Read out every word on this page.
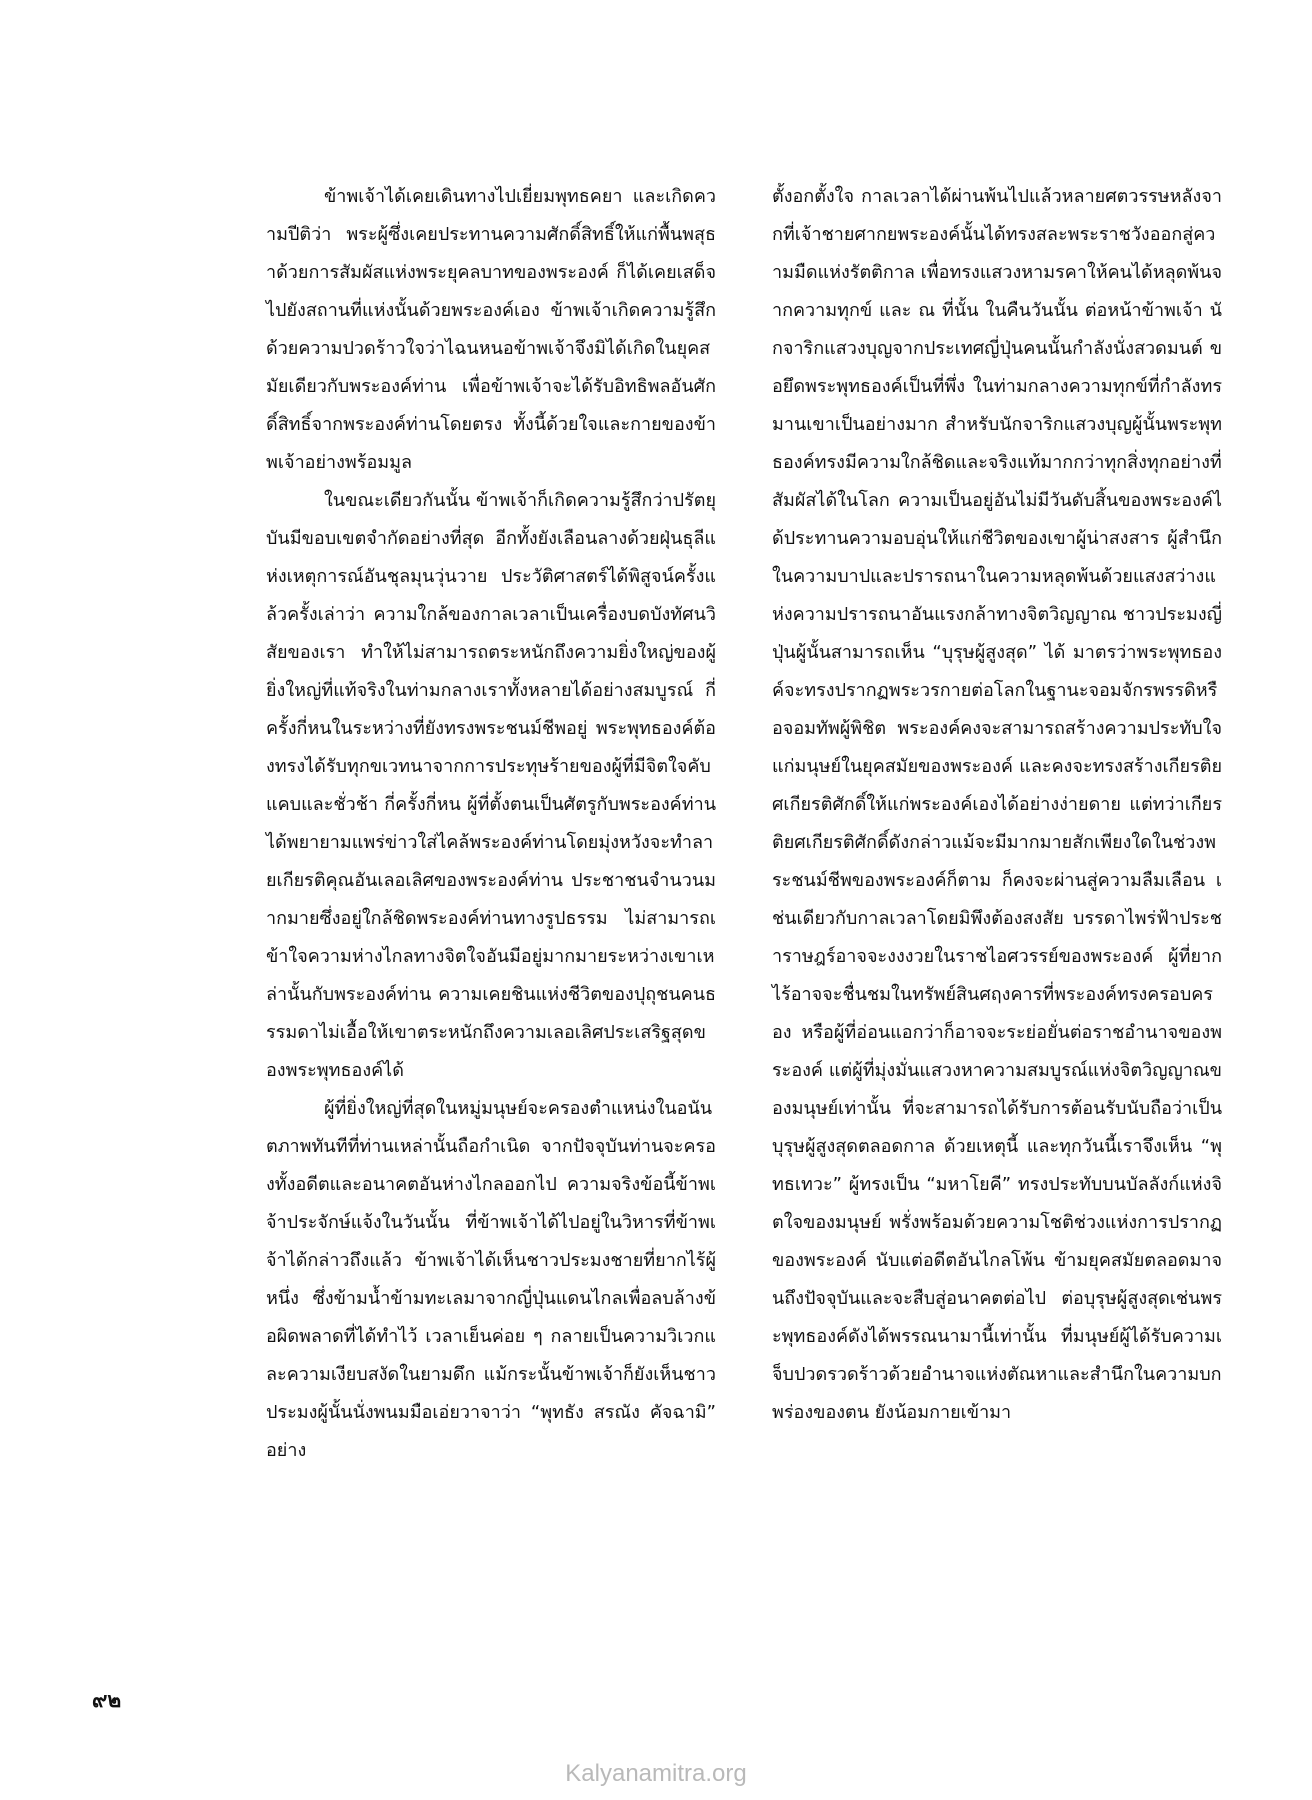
ข้าพเจ้าได้เคยเดินทางไปเยี่ยมพุทธคยา และเกิดความปีติว่า พระผู้ซึ่งเคยประทานความศักดิ์สิทธิ์ให้แก่พื้นพสุธาด้วยการสัมผัสแห่งพระยุคลบาทของพระองค์ ก็ได้เคยเสด็จไปยังสถานที่แห่งนั้นด้วยพระองค์เอง ข้าพเจ้าเกิดความรู้สึกด้วยความปวดร้าวใจว่าไฉนหนอข้าพเจ้าจึงมิได้เกิดในยุคสมัยเดียวกับพระองค์ท่าน เพื่อข้าพเจ้าจะได้รับอิทธิพลอันศักดิ์สิทธิ์จากพระองค์ท่านโดยตรง ทั้งนี้ด้วยใจและกายของข้าพเจ้าอย่างพร้อมมูล

ในขณะเดียวกันนั้น ข้าพเจ้าก็เกิดความรู้สึกว่าปรัตยุบันมีขอบเขตจำกัดอย่างที่สุด อีกทั้งยังเลือนลางด้วยฝุ่นธุลีแห่งเหตุการณ์อันชุลมุนวุ่นวาย ประวัติศาสตร์ได้พิสูจน์ครั้งแล้วครั้งเล่าว่า ความใกล้ของกาลเวลาเป็นเครื่องบดบังทัศนวิสัยของเรา ทำให้ไม่สามารถตระหนักถึงความยิ่งใหญ่ของผู้ยิ่งใหญ่ที่แท้จริงในท่ามกลางเราทั้งหลายได้อย่างสมบูรณ์ กี่ครั้งกี่หนในระหว่างที่ยังทรงพระชนม์ชีพอยู่ พระพุทธองค์ต้องทรงได้รับทุกขเวทนาจากการประทุษร้ายของผู้ที่มีจิตใจคับแคบและชั่วช้า กี่ครั้งกี่หน ผู้ที่ตั้งตนเป็นศัตรูกับพระองค์ท่านได้พยายามแพร่ข่าวใส่ไคล้พระองค์ท่านโดยมุ่งหวังจะทำลายเกียรติคุณอันเลอเลิศของพระองค์ท่าน ประชาชนจำนวนมากมายซึ่งอยู่ใกล้ชิดพระองค์ท่านทางรูปธรรม ไม่สามารถเข้าใจความห่างไกลทางจิตใจอันมีอยู่มากมายระหว่างเขาเหล่านั้นกับพระองค์ท่าน ความเคยชินแห่งชีวิตของปุถุชนคนธรรมดาไม่เอื้อให้เขาตระหนักถึงความเลอเลิศประเสริฐสุดของพระพุทธองค์ได้

ผู้ที่ยิ่งใหญ่ที่สุดในหมู่มนุษย์จะครองตำแหน่งในอนันตภาพทันทีที่ท่านเหล่านั้นถือกำเนิด จากปัจจุบันท่านจะครองทั้งอดีตและอนาคตอันห่างไกลออกไป ความจริงข้อนี้ข้าพเจ้าประจักษ์แจ้งในวันนั้น ที่ข้าพเจ้าได้ไปอยู่ในวิหารที่ข้าพเจ้าได้กล่าวถึงแล้ว ข้าพเจ้าได้เห็นชาวประมงชายที่ยากไร้ผู้หนึ่ง ซึ่งข้ามน้ำข้ามทะเลมาจากญี่ปุ่นแดนไกลเพื่อลบล้างข้อผิดพลาดที่ได้ทำไว้ เวลาเย็นค่อย ๆ กลายเป็นความวิเวกและความเงียบสงัดในยามดึก แม้กระนั้นข้าพเจ้าก็ยังเห็นชาวประมงผู้นั้นนั่งพนมมือเอ่ยวาจาว่า “พุทธัง สรณัง คัจฉามิ” อย่าง

ตั้งอกตั้งใจ กาลเวลาได้ผ่านพ้นไปแล้วหลายศตวรรษหลังจากที่เจ้าชายศากยพระองค์นั้นได้ทรงสละพระราชวังออกสู่ความมืดแห่งรัตติกาล เพื่อทรงแสวงหามรคาให้คนได้หลุดพ้นจากความทุกข์ และ ณ ที่นั้น ในคืนวันนั้น ต่อหน้าข้าพเจ้า นักจาริกแสวงบุญจากประเทศญี่ปุ่นคนนั้นกำลังนั่งสวดมนต์ ขอยึดพระพุทธองค์เป็นที่พึ่ง ในท่ามกลางความทุกข์ที่กำลังทรมานเขาเป็นอย่างมาก สำหรับนักจาริกแสวงบุญผู้นั้นพระพุทธองค์ทรงมีความใกล้ชิดและจริงแท้มากกว่าทุกสิ่งทุกอย่างที่สัมผัสได้ในโลก ความเป็นอยู่อันไม่มีวันดับสิ้นของพระองค์ได้ประทานความอบอุ่นให้แก่ชีวิตของเขาผู้น่าสงสาร ผู้สำนึกในความบาปและปรารถนาในความหลุดพ้นด้วยแสงสว่างแห่งความปรารถนาอันแรงกล้าทางจิตวิญญาณ ชาวประมงญี่ปุ่นผู้นั้นสามารถเห็น “บุรุษผู้สูงสุด” ได้ มาตรว่าพระพุทธองค์จะทรงปรากฏพระวรกายต่อโลกในฐานะจอมจักรพรรดิหรือจอมทัพผู้พิชิต พระองค์คงจะสามารถสร้างความประทับใจแก่มนุษย์ในยุคสมัยของพระองค์ และคงจะทรงสร้างเกียรติยศเกียรติศักดิ์ให้แก่พระองค์เองได้อย่างง่ายดาย แต่ทว่าเกียรติยศเกียรติศักดิ์ดังกล่าวแม้จะมีมากมายสักเพียงใดในช่วงพระชนม์ชีพของพระองค์ก็ตาม ก็คงจะผ่านสู่ความลืมเลือน เช่นเดียวกับกาลเวลาโดยมิพึงต้องสงสัย บรรดาไพร่ฟ้าประชาราษฎร์อาจจะงงงวยในราชไอศวรรย์ของพระองค์ ผู้ที่ยากไร้อาจจะชื่นชมในทรัพย์สินศฤงคารที่พระองค์ทรงครอบครอง หรือผู้ที่อ่อนแอกว่าก็อาจจะระย่อยั่นต่อราชอำนาจของพระองค์ แต่ผู้ที่มุ่งมั่นแสวงหาความสมบูรณ์แห่งจิตวิญญาณของมนุษย์เท่านั้น ที่จะสามารถได้รับการต้อนรับนับถือว่าเป็นบุรุษผู้สูงสุดตลอดกาล ด้วยเหตุนี้ และทุกวันนี้เราจึงเห็น “พุทธเทวะ” ผู้ทรงเป็น “มหาโยคี” ทรงประทับบนบัลลังก์แห่งจิตใจของมนุษย์ พรั่งพร้อมด้วยความโชติช่วงแห่งการปรากฏของพระองค์ นับแต่อดีตอันไกลโพ้น ข้ามยุคสมัยตลอดมาจนถึงปัจจุบันและจะสืบสู่อนาคตต่อไป ต่อบุรุษผู้สูงสุดเช่นพระพุทธองค์ดังได้พรรณนามานี้เท่านั้น ที่มนุษย์ผู้ได้รับความเจ็บปวดรวดร้าวด้วยอำนาจแห่งตัณหาและสำนึกในความบกพร่องของตน ยังน้อมกายเข้ามา

๙๒
Kalyanamitra.org
